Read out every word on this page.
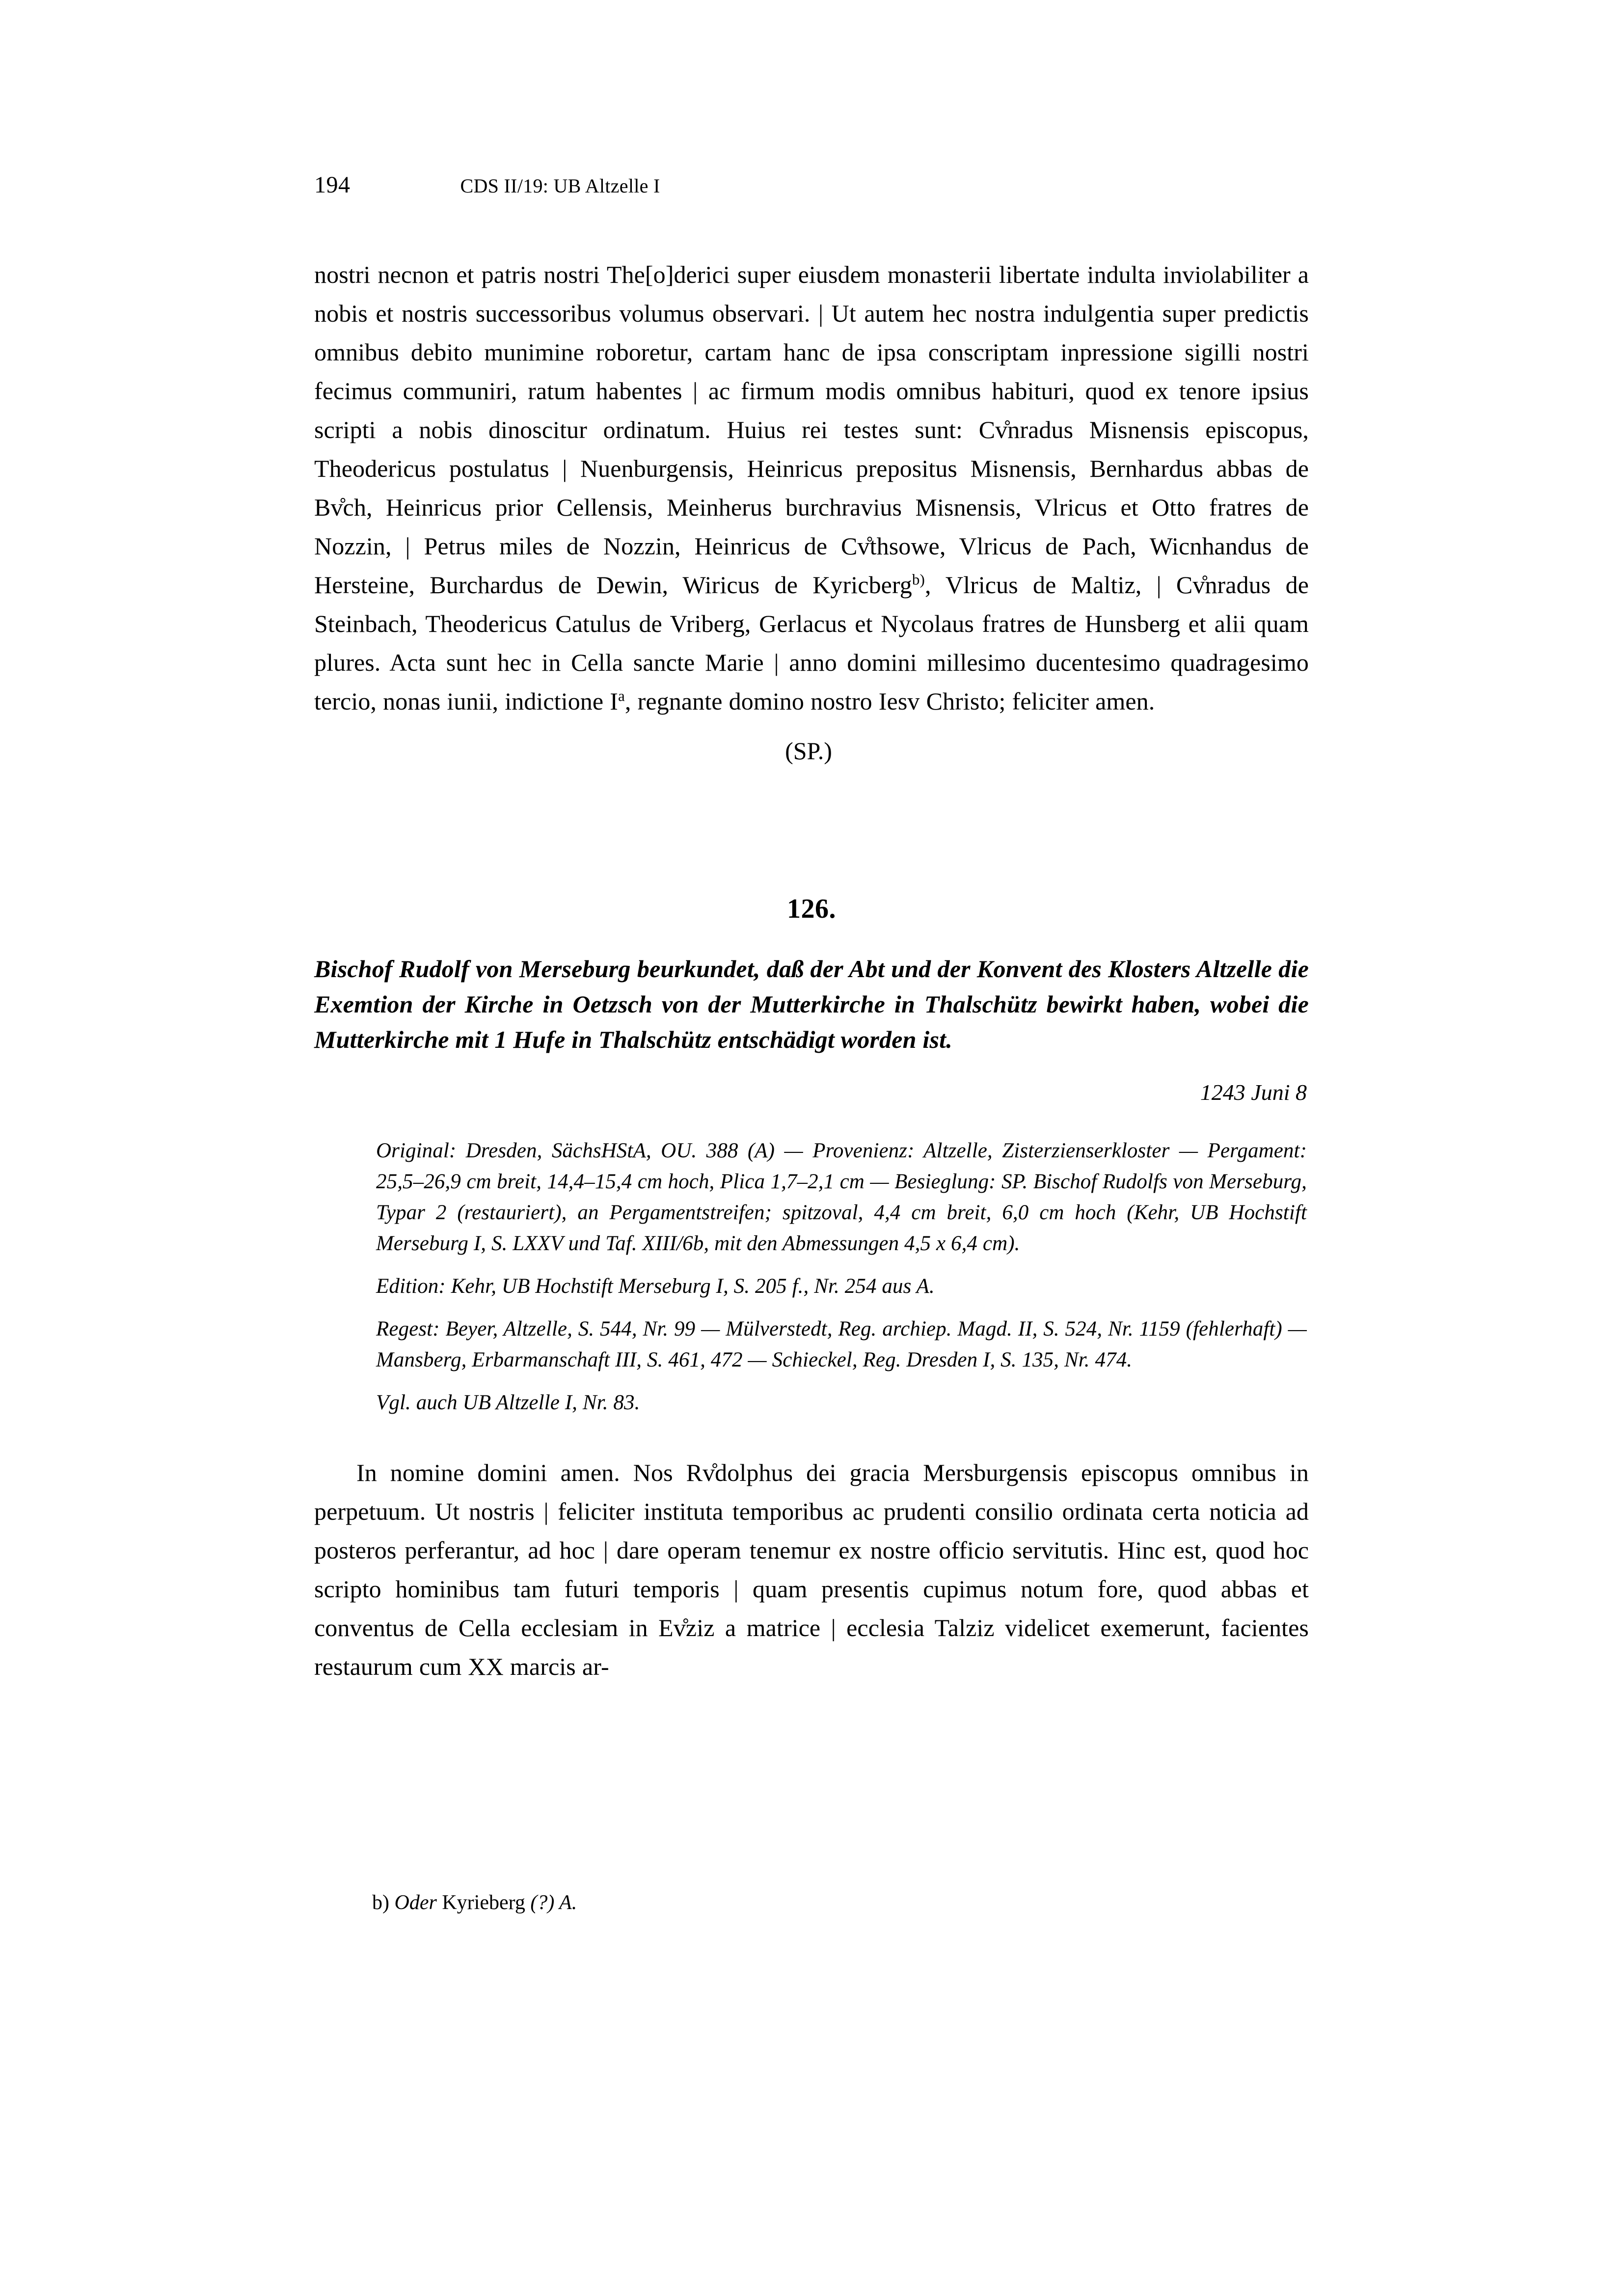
194	CDS II/19: UB Altzelle I

nostri necnon et patris nostri The[o]derici super eiusdem monasterii libertate indulta inviolabiliter a nobis et nostris successoribus volumus observari. | Ut autem hec nostra indulgentia super predictis omnibus debito munimine roboretur, cartam hanc de ipsa conscriptam inpressione sigilli nostri fecimus communiri, ratum habentes | ac firmum modis omnibus habituri, quod ex tenore ipsius scripti a nobis dinoscitur ordinatum. Huius rei testes sunt: Cv̊nradus Misnensis episcopus, Theodericus postulatus | Nuenburgensis, Heinricus prepositus Misnensis, Bernhardus abbas de Bv̊ch, Heinricus prior Cellensis, Meinherus burchravius Misnensis, Vlricus et Otto fratres de Nozzin, | Petrus miles de Nozzin, Heinricus de Cv̊thsowe, Vlricus de Pach, Wicnhandus de Hersteine, Burchardus de Dewin, Wiricus de Kyricberg$^{b)}$, Vlricus de Maltiz, | Cv̊nradus de Steinbach, Theodericus Catulus de Vriberg, Gerlacus et Nycolaus fratres de Hunsberg et alii quam plures. Acta sunt hec in Cella sancte Marie | anno domini millesimo ducentesimo quadragesimo tercio, nonas iunii, indictione $I^a$, regnante domino nostro Iesv Christo; feliciter amen.

(SP.)

126.

Bischof Rudolf von Merseburg beurkundet, daß der Abt und der Konvent des Klosters Altzelle die Exemtion der Kirche in Oetzsch von der Mutterkirche in Thalschütz bewirkt haben, wobei die Mutterkirche mit 1 Hufe in Thalschütz entschädigt worden ist.

1243 Juni 8

Original: Dresden, SächsHStA, OU. 388 (A) — Provenienz: Altzelle, Zisterzienserkloster — Pergament: 25,5–26,9 cm breit, 14,4–15,4 cm hoch, Plica 1,7–2,1 cm — Besieglung: SP. Bischof Rudolfs von Merseburg, Typar 2 (restauriert), an Pergamentstreifen; spitzoval, 4,4 cm breit, 6,0 cm hoch (Kehr, UB Hochstift Merseburg I, S. LXXV und Taf. XIII/6b, mit den Abmessungen 4,5 x 6,4 cm).

Edition: Kehr, UB Hochstift Merseburg I, S. 205 f., Nr. 254 aus A.

Regest: Beyer, Altzelle, S. 544, Nr. 99 — Mülverstedt, Reg. archiep. Magd. II, S. 524, Nr. 1159 (fehlerhaft) — Mansberg, Erbarmanschaft III, S. 461, 472 — Schieckel, Reg. Dresden I, S. 135, Nr. 474.

Vgl. auch UB Altzelle I, Nr. 83.

In nomine domini amen. Nos Rv̊dolphus dei gracia Mersburgensis episcopus omnibus in perpetuum. Ut nostris | feliciter instituta temporibus ac prudenti consilio ordinata certa noticia ad posteros perferantur, ad hoc | dare operam tenemur ex nostre officio servitutis. Hinc est, quod hoc scripto hominibus tam futuri temporis | quam presentis cupimus notum fore, quod abbas et conventus de Cella ecclesiam in Ev̊ziz a matrice | ecclesia Talziz videlicet exemerunt, facientes restaurum cum XX marcis ar-

b) Oder Kyrieberg (?) A.
